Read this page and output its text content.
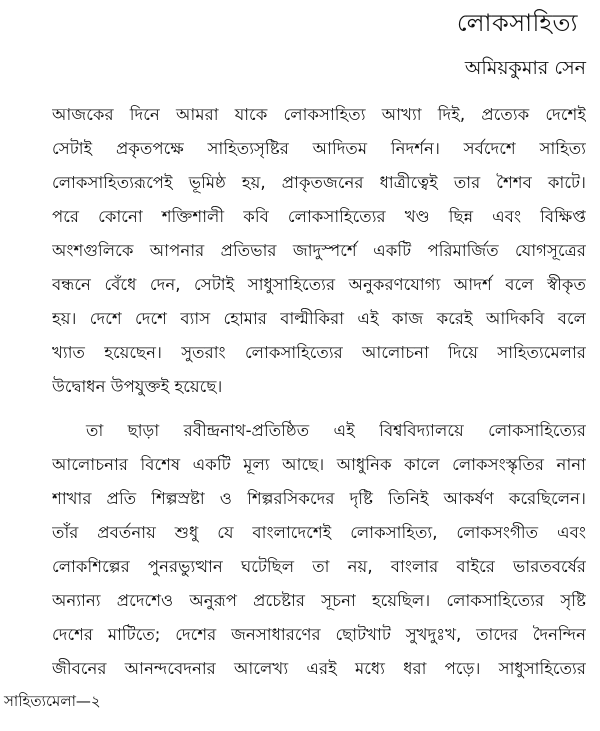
লোকসাহিত্য
অমিয়কুমার সেন
আজকের দিনে আমরা যাকে লোকসাহিত্য আখ্যা দিই, প্রত্যেক দেশেই
সেটাই প্রকৃতপক্ষে সাহিত্যসৃষ্টির আদিতম নিদর্শন। সর্বদেশে সাহিত্য
লোকসাহিত্যরূপেই ভূমিষ্ঠ হয়, প্রাকৃতজনের ধাত্রীত্বেই তার শৈশব কাটে।
পরে কোনো শক্তিশালী কবি লোকসাহিত্যের খণ্ড ছিন্ন এবং বিক্ষিপ্ত
অংশগুলিকে আপনার প্রতিভার জাদুস্পর্শে একটি পরিমার্জিত যোগসূত্রের
বন্ধনে বেঁধে দেন, সেটাই সাধুসাহিত্যের অনুকরণযোগ্য আদর্শ বলে স্বীকৃত
হয়। দেশে দেশে ব্যাস হোমার বাল্মীকিরা এই কাজ করেই আদিকবি বলে
খ্যাত হয়েছেন। সুতরাং লোকসাহিত্যের আলোচনা দিয়ে সাহিত্যমেলার
উদ্বোধন উপযুক্তই হয়েছে।
তা ছাড়া রবীন্দ্রনাথ-প্রতিষ্ঠিত এই বিশ্ববিদ্যালয়ে লোকসাহিত্যের
আলোচনার বিশেষ একটি মূল্য আছে। আধুনিক কালে লোকসংস্কৃতির নানা
শাখার প্রতি শিল্পস্রষ্টা ও শিল্পরসিকদের দৃষ্টি তিনিই আকর্ষণ করেছিলেন।
তাঁর প্রবর্তনায় শুধু যে বাংলাদেশেই লোকসাহিত্য, লোকসংগীত এবং
লোকশিল্পের পুনরভ্যুত্থান ঘটেছিল তা নয়, বাংলার বাইরে ভারতবর্ষের
অন্যান্য প্রদেশেও অনুরূপ প্রচেষ্টার সূচনা হয়েছিল। লোকসাহিত্যের সৃষ্টি
দেশের মাটিতে; দেশের জনসাধারণের ছোটখাট সুখদুঃখ, তাদের দৈনন্দিন
জীবনের আনন্দবেদনার আলেখ্য এরই মধ্যে ধরা পড়ে। সাধুসাহিত্যের
সাহিত্যমেলা—২
